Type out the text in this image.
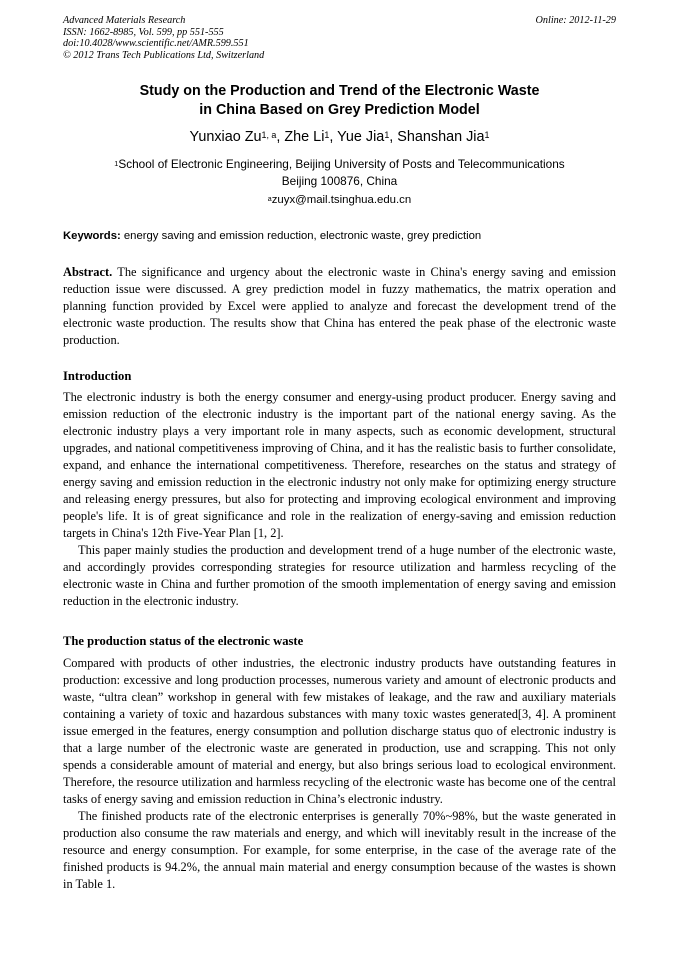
Advanced Materials Research
ISSN: 1662-8985, Vol. 599, pp 551-555
doi:10.4028/www.scientific.net/AMR.599.551
© 2012 Trans Tech Publications Ltd, Switzerland
Online: 2012-11-29
Study on the Production and Trend of the Electronic Waste
in China Based on Grey Prediction Model
Yunxiao Zu$^{1, a}$, Zhe Li$^1$, Yue Jia$^1$, Shanshan Jia$^1$
$^1$School of Electronic Engineering, Beijing University of Posts and Telecommunications
Beijing 100876, China
$^a$zuyx@mail.tsinghua.edu.cn
Keywords: energy saving and emission reduction, electronic waste, grey prediction

Abstract. The significance and urgency about the electronic waste in China's energy saving and emission reduction issue were discussed. A grey prediction model in fuzzy mathematics, the matrix operation and planning function provided by Excel were applied to analyze and forecast the development trend of the electronic waste production. The results show that China has entered the peak phase of the electronic waste production.

Introduction

The electronic industry is both the energy consumer and energy-using product producer. Energy saving and emission reduction of the electronic industry is the important part of the national energy saving. As the electronic industry plays a very important role in many aspects, such as economic development, structural upgrades, and national competitiveness improving of China, and it has the realistic basis to further consolidate, expand, and enhance the international competitiveness. Therefore, researches on the status and strategy of energy saving and emission reduction in the electronic industry not only make for optimizing energy structure and releasing energy pressures, but also for protecting and improving ecological environment and improving people's life. It is of great significance and role in the realization of energy-saving and emission reduction targets in China's 12th Five-Year Plan [1, 2].

This paper mainly studies the production and development trend of a huge number of the electronic waste, and accordingly provides corresponding strategies for resource utilization and harmless recycling of the electronic waste in China and further promotion of the smooth implementation of energy saving and emission reduction in the electronic industry.

The production status of the electronic waste

Compared with products of other industries, the electronic industry products have outstanding features in production: excessive and long production processes, numerous variety and amount of electronic products and waste, “ultra clean” workshop in general with few mistakes of leakage, and the raw and auxiliary materials containing a variety of toxic and hazardous substances with many toxic wastes generated[3, 4]. A prominent issue emerged in the features, energy consumption and pollution discharge status quo of electronic industry is that a large number of the electronic waste are generated in production, use and scrapping. This not only spends a considerable amount of material and energy, but also brings serious load to ecological environment. Therefore, the resource utilization and harmless recycling of the electronic waste has become one of the central tasks of energy saving and emission reduction in China’s electronic industry.

The finished products rate of the electronic enterprises is generally 70%~98%, but the waste generated in production also consume the raw materials and energy, and which will inevitably result in the increase of the resource and energy consumption. For example, for some enterprise, in the case of the average rate of the finished products is 94.2%, the annual main material and energy consumption because of the wastes is shown in Table 1.
